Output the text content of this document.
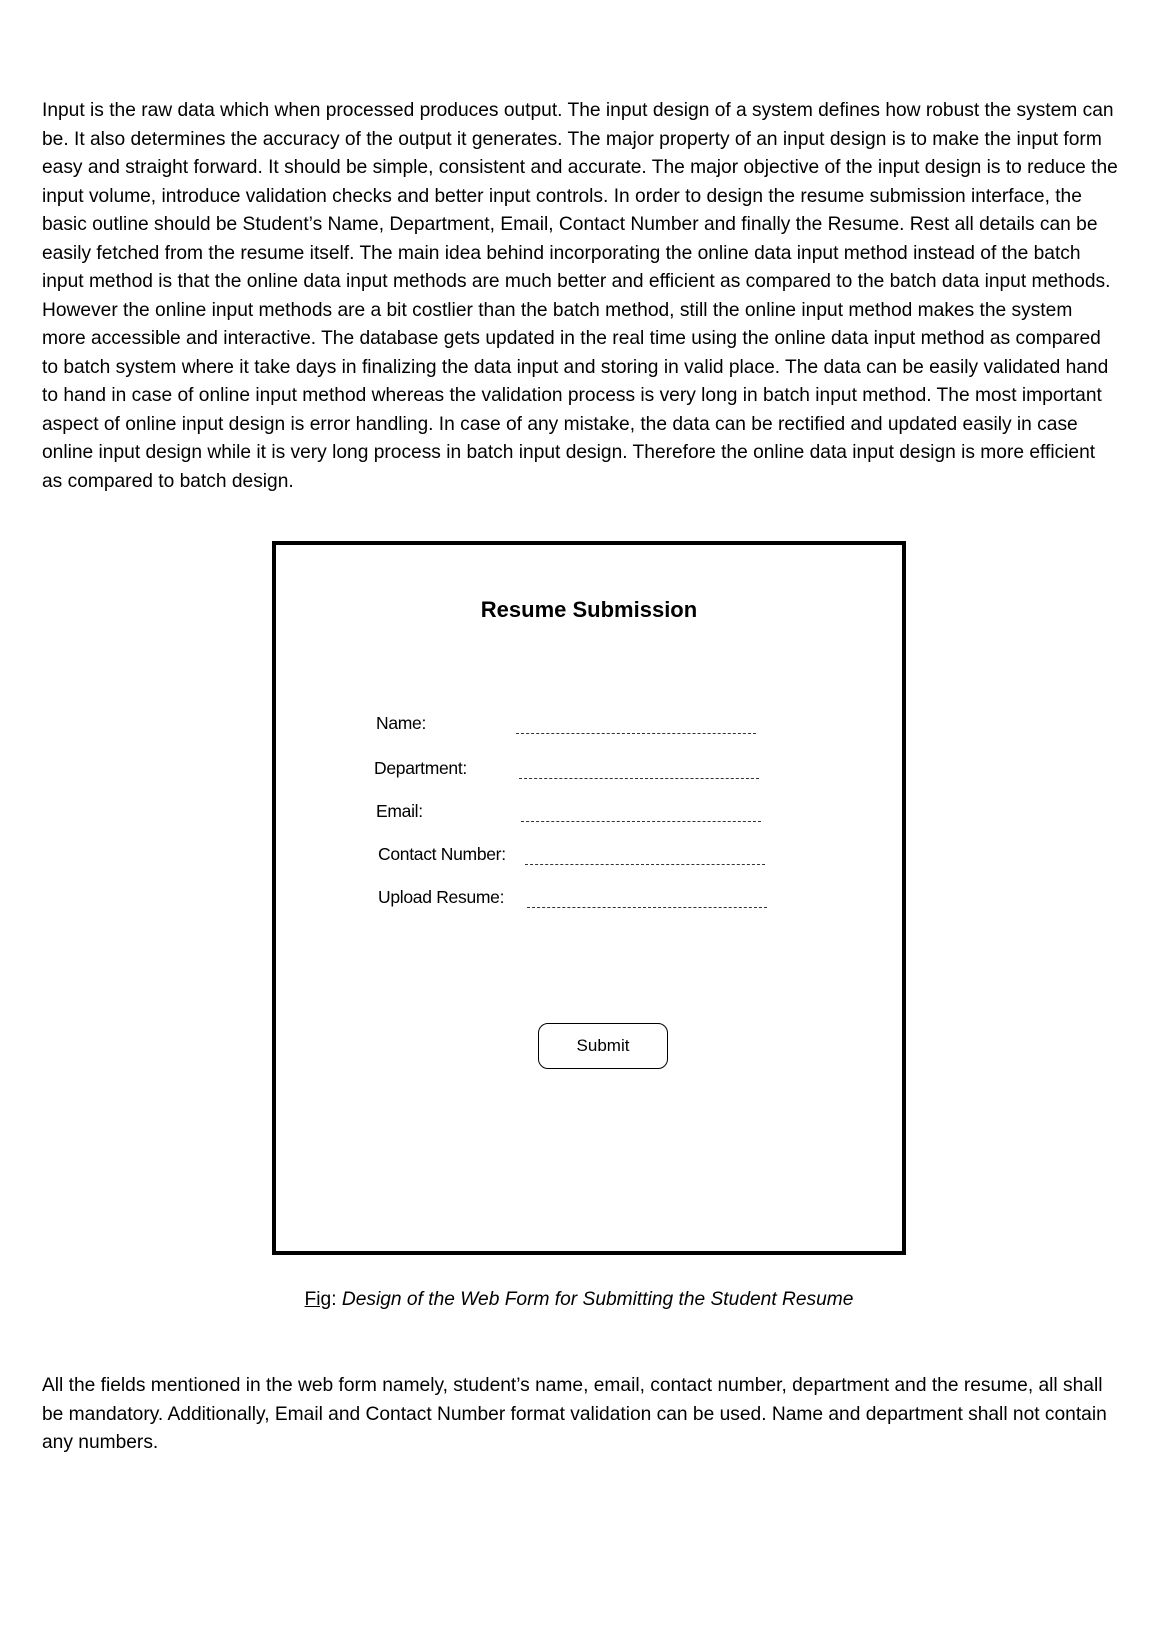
Input is the raw data which when processed produces output. The input design of a system defines how robust the system can be. It also determines the accuracy of the output it generates. The major property of an input design is to make the input form easy and straight forward. It should be simple, consistent and accurate. The major objective of the input design is to reduce the input volume, introduce validation checks and better input controls. In order to design the resume submission interface, the basic outline should be Student’s Name, Department, Email, Contact Number and finally the Resume. Rest all details can be easily fetched from the resume itself. The main idea behind incorporating the online data input method instead of the batch input method is that the online data input methods are much better and efficient as compared to the batch data input methods. However the online input methods are a bit costlier than the batch method, still the online input method makes the system more accessible and interactive. The database gets updated in the real time using the online data input method as compared to batch system where it take days in finalizing the data input and storing in valid place. The data can be easily validated hand to hand in case of online input method whereas the validation process is very long in batch input method. The most important aspect of online input design is error handling. In case of any mistake, the data can be rectified and updated easily in case online input design while it is very long process in batch input design. Therefore the online data input design is more efficient as compared to batch design.

Resume Submission
Name:
Department:
Email:
Contact Number:
Upload Resume:
Submit
Fig: Design of the Web Form for Submitting the Student Resume

All the fields mentioned in the web form namely, student’s name, email, contact number, department and the resume, all shall be mandatory. Additionally, Email and Contact Number format validation can be used. Name and department shall not contain any numbers.
